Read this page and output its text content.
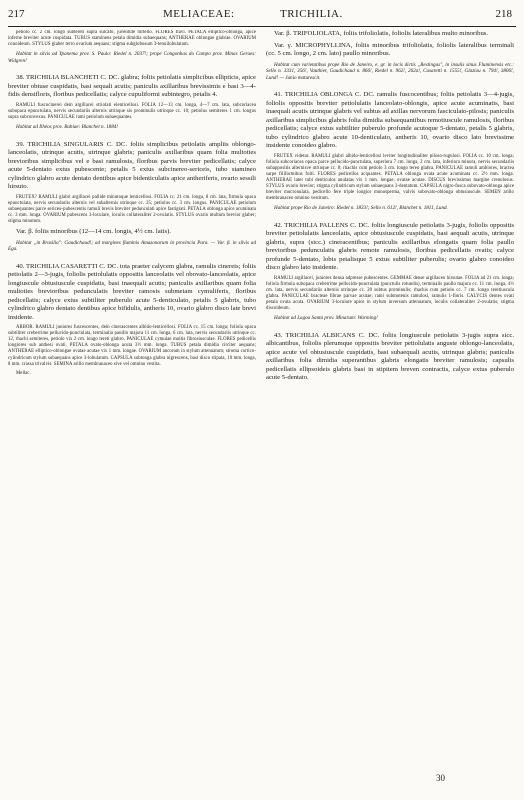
217	MELIACEAE:	TRICHILIA.	218

petiolo cc. 2 cm. longo subtereti supra sulcato, juventute hirtello. FLORES flavi. PETALA elliptico-oblonga, apice inferne breviter acute cuspidata. TUBUS staminens petala dimidia subaequans; ANTHERAE oblongae glabrae. OVARIUM conoideum. STYLUS glaber terro ovarium aequans; stigma subglobosum 3-tenuilobulatum.

Habitat in silvis ad Ypanema prov. S. Paulo: Riedel n. 2037!; prope Congonhas do Campo prov. Minas Geraes: Widgren!

38. TRICHILIA BLANCHETI C. DC. glabra; foliis petiolatis simplicibus ellipticis, apice breviter obtuse cuspidatis, basi sequali acutis; paniculis axillaribus brevissimis e basi 3—4-fidis densifloris, floribus pedicellatis; calyce cupuliformi subintegro, petalis 4.

RAMULI fuscocinerei dein argillacei striolati elenticellosi. FOLIA 12—13 cm. longa, 4—7 cm. lata, subcoriacea subopaca epunctulata, nervis secundariis alternis utrinque sis prominulis utrinque cc. 10; petiolus semiteres 1 cm. longus supra subconvexus. PANICULAE rami petiolum subaequantes.

Habitat ad Ilhéos prov. Bahiae: Blanchet n. 1884!

39. TRICHILIA SINGULARIS C. DC. foliis simplicibus petiolatis ampliis oblongo-lanceolatis, utrinque acutis, utrinque glabris; paniculis axillaribus quam folia multoties brevioribus simplicibus vel e basi ramulosis, floribus parvis breviter pedicellatis; calyce acute 5-dentato extus pubescente; petalis 5 extus subcinereo-sericeis, tubo stamineo cylindrico glabro acute dentato dentibus apice bidenticulatis apice antheriferis, ovario sessili hirsuto.

FRUTEX? RAMULI glabri argillacei pallide minutoque lenticellosi. FOLIA cc. 21 cm. longa, 8 cm. lata, firmula opaca epunctulata, nervis secundariis alternis vel subalternis utrinque cc. 25; petiolus cc. 3 cm. longus. PANICULAE petiolum subaequantes parce sericeo-pubescentis ramuli brevis breviter pedunculati apice fastigiati. PETALA oblonga apice acuminata cc. 3 mm. longa. OVARIUM pubescens 3-loculare, loculis collateraliter 2-ovulatis. STYLUS ovario multum brevior glaber; stigma minutum.

Var. β. foliis minoribus (12—14 cm. longis, 4½ cm. latis).

Habitat „in Brasilia": Gaudichaud!; ad margines fluminis Amazonarum in provincia Para. — Var. β. in silvis ad Ega.

40. TRICHILIA CASARETTI C. DC. tota praeter calycem glabra, ramulis cinereis; foliis petiolatis 2—3-jugis, foliolis petiolulatis oppositis lanceolatis vel obovato-lanceolatis, apice longiuscule obtusiuscule cuspidatis, basi inaequali acutis; paniculis axillaribus quam folia multoties brevioribus pedunculatis breviter ramosis submetam cymuliferis, floribus pedicellatis; calyce extus subtiliter puberulo acute 5-denticulato, petalis 5 glabris, tubo cylindrico glabro dentato dentibus apice bifidulis, antheris 10, ovario glabro disco late brevi insidente.

ARBOR. RAMULI juniores fuscescentes, dein cinerascentes albido-lenticellosi. FOLIA cc. 15 cm. longa; foliola opaca subtiliter creberrime pellucido-punctulata, terminalia pauillo majora 11 cm. longa, 6 cm. lata, nervis secundariis utrinque cc. 12, rhachi semiteres, petiolo vix 2 cm. longo tereti glabro. PANICULAE cymulae multis fibrosiusculae. FLORES pedicellis longiores sub anthesi ovati. PETALA ovato-oblonga acuta 3½ mm. longa. TUBUS petala dimidia circiter aequans; ANTHERAE elliptico-oblongae ovatae acutae vix 1 mm. longae. OVARIUM ancorum in stylum attenuatum; stroma cortico-cylindricum stylum subaequans apice 3-lobulatum. CAPSULA subtonga glabra nigrescens, basi disco stipata, 10 mm. longa, 8 mm. crassa trivalvis. SEMINA arillo membranaceo sive vel omnino vestita.

Mellac.

Var. β. TRIFOLIOLATA, foliis trifoliolatis, foliolis lateralibus multo minoribus.

Var. γ. MICROPHYLLINA, foliis minoribus trifoliolatis, foliolis lateralibus terminali (cc. 5 cm. longo, 2 cm. lato) paullo minoribus.

Habitat cum varietatibus prope Rio de Janeiro, e. gr. in locis dictis „Restingas", in insulis sinus Fluminensis etc.: Sello n. 3331, 356!, Vauthier, Gaudichaud n. 866!, Riedel n. 962!, 262a!, Casaretti n. 1555!, Glaziou n. 794!, 3806!, Lund! — Junio maturescit.

41. TRICHILIA OBLONGA C. DC. ramulis fuscocentibus; foliis petiolatis 3—4-jugis, foliolis oppositis breviter petiolulatis lanceolato-oblongis, apice acute acuminatis, basi inaequali acutis utrinque glabris vel subtus ad axillas nervorum fasciculato-pilosis; paniculis axillaribus simplicibus glabris folia dimidia subaequantibus remotiuscule ramulosis, floribus pedicellatis; calyce extus subtiliter puberulo profunde acutoque 5-dentato, petalis 5 glabris, tubo cylindrico glabro acute 10-denticulato, antheris 10, ovario disco lato brevissime insidente conoideo glabro.

FRUTEX videtur. RAMULI glabri albido-lenticellosi leviter longitudinaliter piloso-rugulosi. FOLIA cc. 10 cm. longa; foliola subcoriacea opaca parce pellucido-punctulata, superiora 7 cm. longa, 2 cm. lata, inferiora minora, nervis secundariis subappositis alternisve utrinque cc. 8; rhachis cum petiolo 3 cm. longo tereo glabra. PANICULAE ramuli ambiores, bractea sarpe filiformibus fulti. FLORES pedicellos acquantes. PETALA oblonga ovata acute acuminata cc. 2½ mm. longa. ANTHERAE later tubi denticulos anulatas vix 1 mm. longae, ovatae acutae. DISCUS brevissimus margine crenulosus. STYLUS ovario brevior; stigma cylindricum stylum subaequans 3-dentatum. CAPSULA nigro-fusca subovato-oblonga apice breviter mucronulata, pedicello fere triple longior monosperma, valvis subovato-oblonga obtusiuscule. SEMEN arillo membranaceo omnino vestitum.

Habitat prope Rio de Janeiro: Riedel n. 1833!; Sello n. 612!, Blanchet n. 1811, Lund.

42. TRICHILIA PALLENS C. DC. foliis longiuscule petiolatis 3-jugis, foliolis oppositis breviter petiolulatis lanceolatis, apice obtusiuscule cuspidatis, basi aequali acutis, utrinque glabris, supra (sicc.) cineracentibus; paniculis axillaribus elongatis quam folia paullo brevioribus pedunculatis glabris remote ramulosis, floribus pedicellatis ovatis; calyce profunde 5-dentato, lobis petalisque 5 extus subtiliter puberulis; ovario glabro conoideo disco glabro lato insidente.

RAMULI argillacei, juniores densa adpresse pubescentes. GEMMAE dense argillaceo hirsutae. FOLIA ad 21 cm. longa; foliola firmula subopaca creberrime pellucido-punctulata (punctulis rotundis), terminalis paullo majora cc. 11 cm. longa, 4½ cm. lata, nervis secundariis alternis utrinque cc. 20 subtus prominulis; rhachis cum petiolo cc. 7 cm. longo teretiuscula glabra. PANICULAE bracteae fibrae parvae acutae; rami submotenis ramulosi, ramulis 1-floris. CALYCIS dentes ovati petala ovata acuta. OVARIUM 3-loculare apice in stylum inversum attenuatum, loculis collateraliter 2-ovulatis; stigma discoideum.

Habitat ad Lagoa Santa prov. Minarum: Warming!

43. TRICHILIA ALBICANS C. DC. foliis longiuscule petiolatis 3-jugis supra sicc. albicantibus, foliolis plerumque oppositis breviter petiolulatis anguste oblongo-lanceolatis, apice acute vel obtusiuscule cuspidatis, basi subaequali acutis, utrinque glabris; paniculis axillaribus folia dimidia superantibus glabris elongatis breviter ramulosis; capsulis pedicellatis ellipsoideis glabris basi in stipitem breven contractis, calyce extus puberulo acute 5-dentato.

30
